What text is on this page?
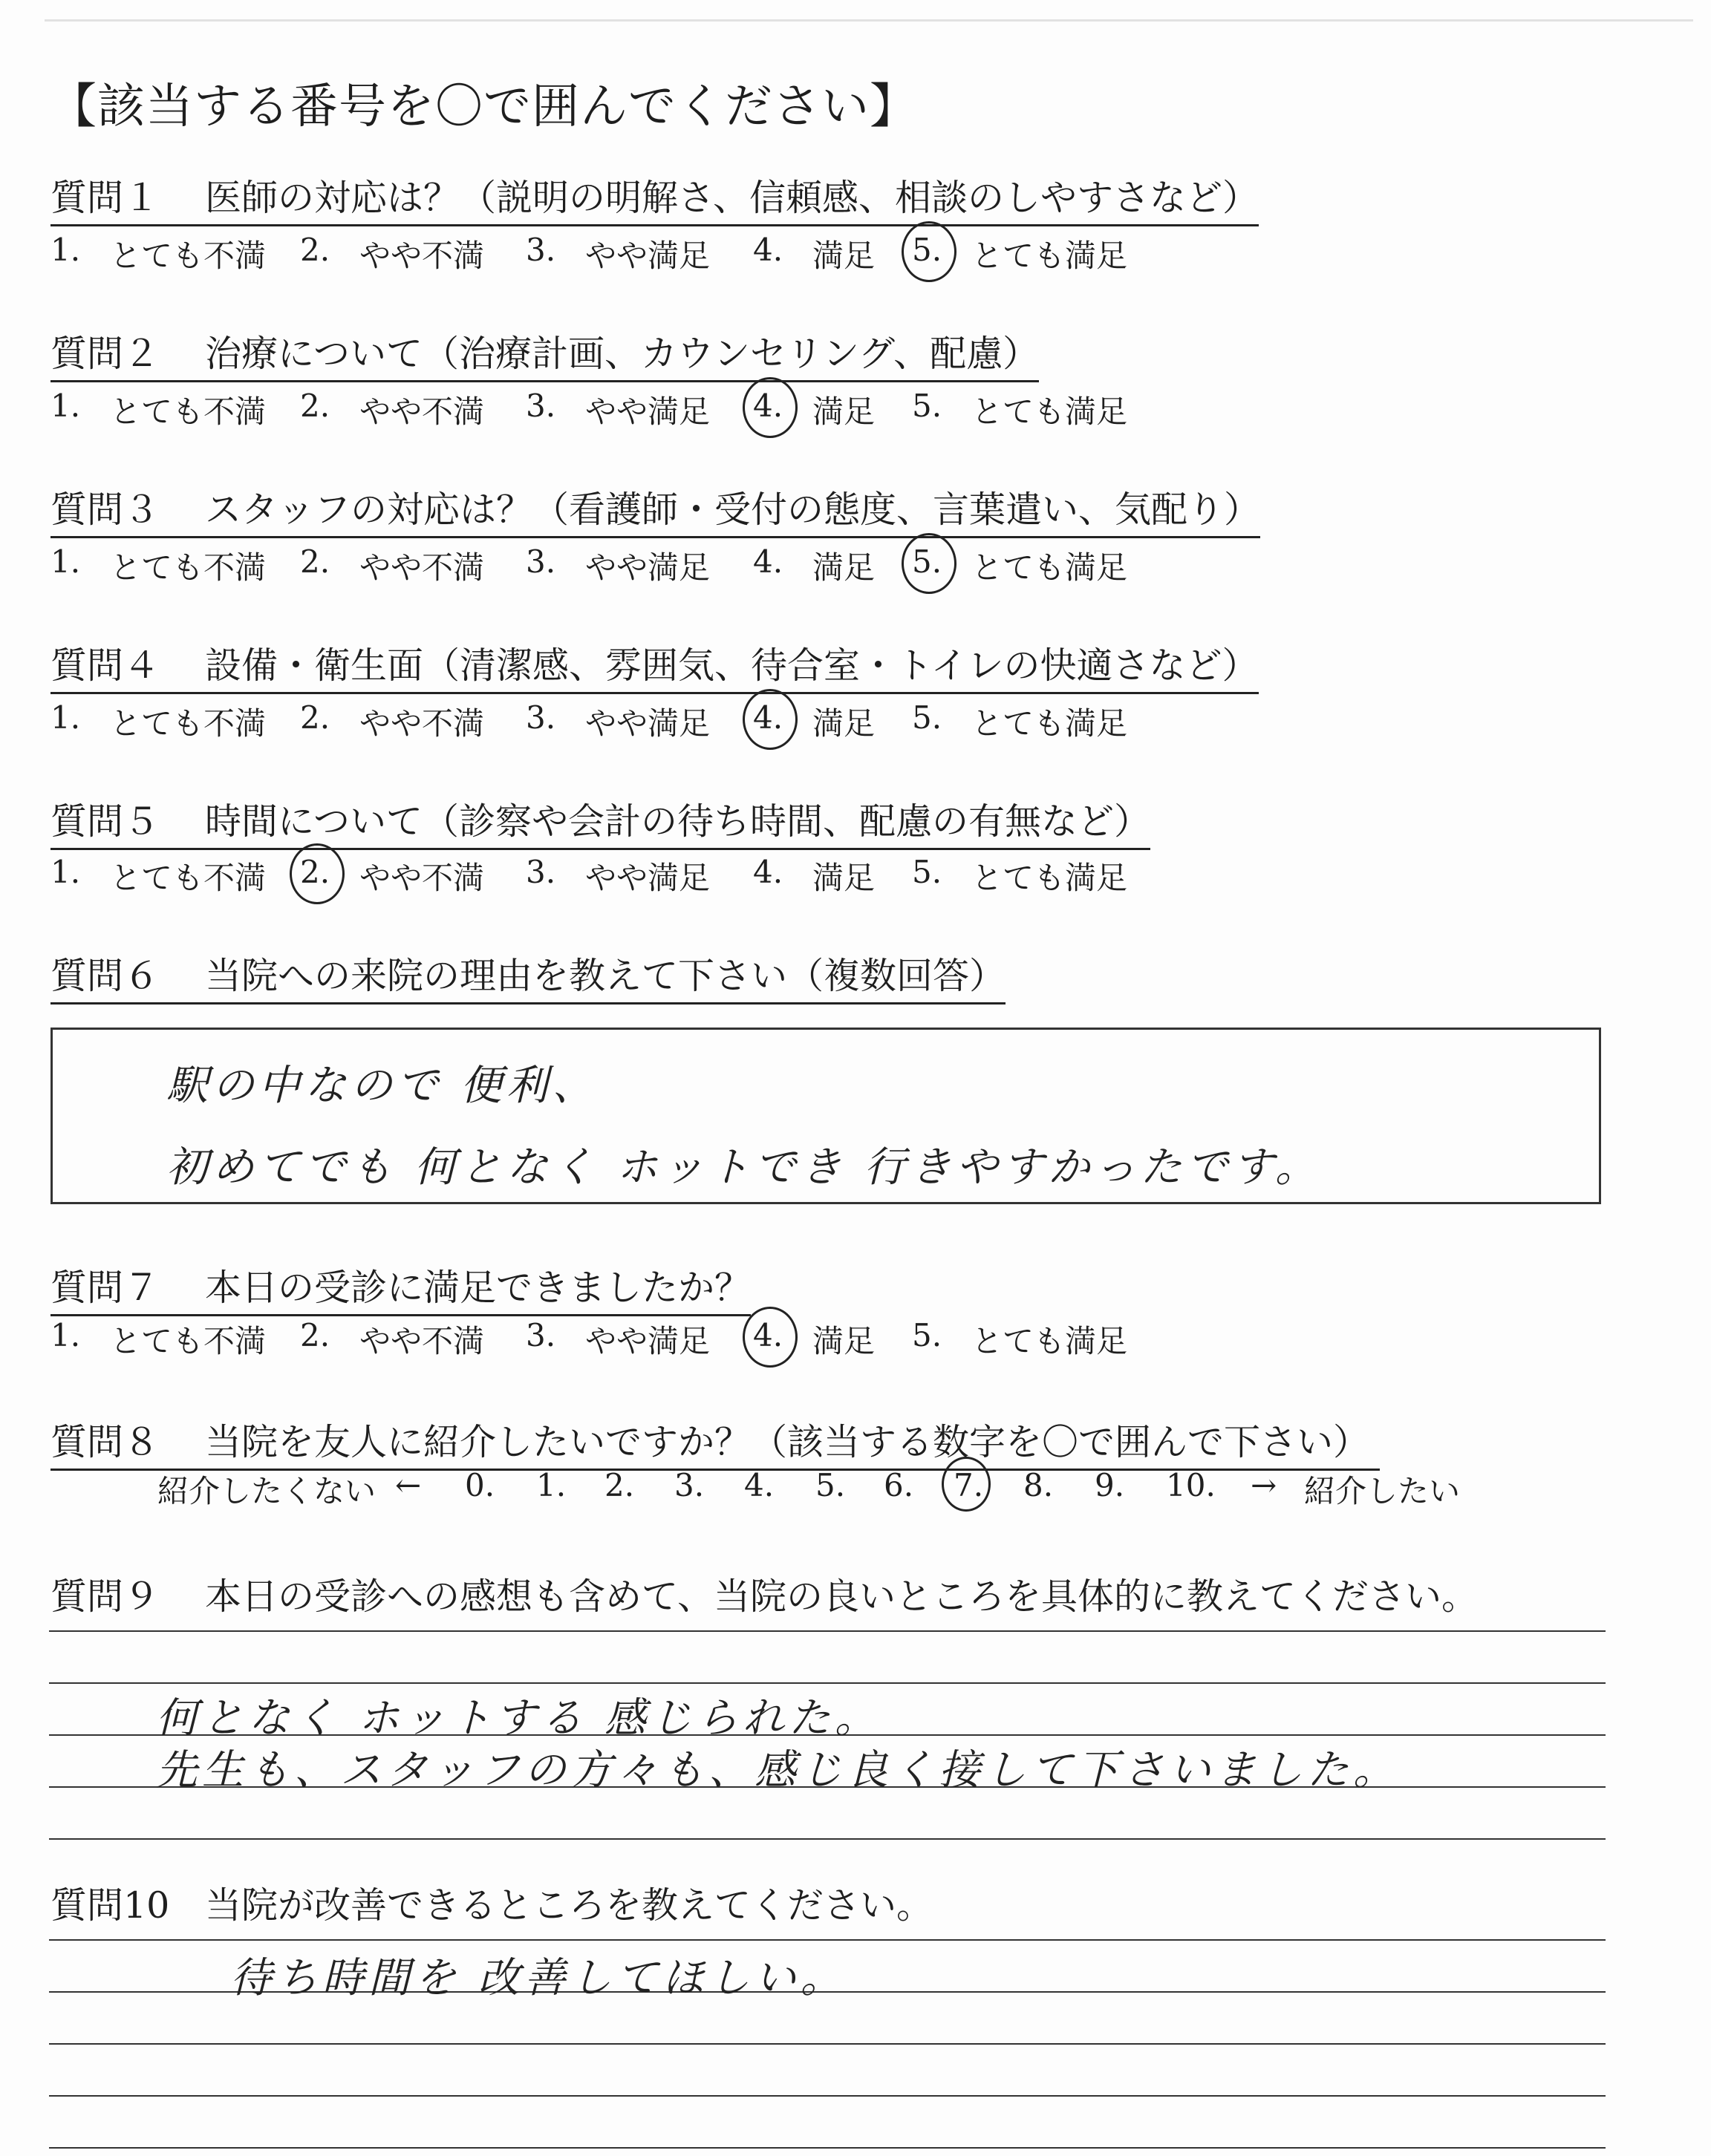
【該当する番号を〇で囲んでください】
質問１ 医師の対応は？（説明の明解さ、信頼感、相談のしやすさなど）
質問２ 治療について（治療計画、カウンセリング、配慮）
質問３ スタッフの対応は？（看護師・受付の態度、言葉遣い、気配り）
質問４ 設備・衛生面（清潔感、雰囲気、待合室・トイレの快適さなど）
質問５ 時間について（診察や会計の待ち時間、配慮の有無など）
質問６ 当院への来院の理由を教えて下さい（複数回答）
駅の中なので 便利、
初めてでも 何となく ホットでき 行きやすかったです。
質問７ 本日の受診に満足できましたか？
質問８ 当院を友人に紹介したいですか？（該当する数字を〇で囲んで下さい）
紹介したくない ←	→ 紹介したい
質問９ 本日の受診への感想も含めて、当院の良いところを具体的に教えてください。
何となく ホットする 感じられた。
先生も、スタッフの方々も、感じ良く接して下さいました。
質問10 当院が改善できるところを教えてください。
待ち時間を 改善してほしい。
1. とても不満 2. やや不満 3. やや満足 4. 満足 5. とても満足
1. とても不満 2. やや不満 3. やや満足 4. 満足 5. とても満足
1. とても不満 2. やや不満 3. やや満足 4. 満足 5. とても満足
1. とても不満 2. やや不満 3. やや満足 4. 満足 5. とても満足
1. とても不満 2. やや不満 3. やや満足 4. 満足 5. とても満足
1. とても不満 2. やや不満 3. やや満足 4. 満足 5. とても満足
0. 1. 2. 3. 4. 5. 6. 7. 8. 9. 10.
